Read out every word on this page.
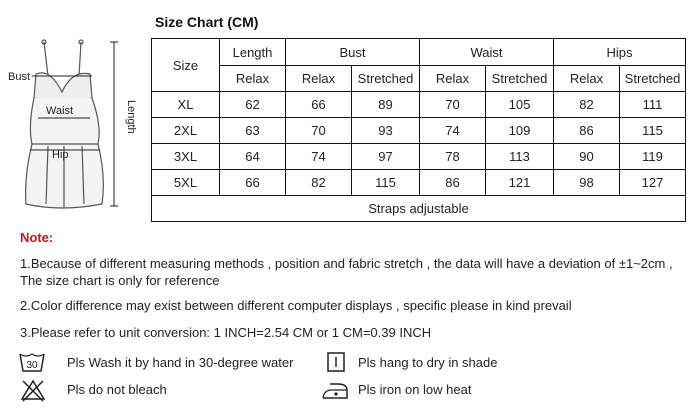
Bust
Waist
Hip
Length
Size Chart (CM)
Size	Length	Bust		Waist		Hips	
	Relax	Relax	Stretched	Relax	Stretched	Relax	Stretched
XL	62	66	89	70	105	82	111
2XL	63	70	93	74	109	86	115
3XL	64	74	97	78	113	90	119
5XL	66	82	115	86	121	98	127
Straps adjustable							
Note:
1.Because of different measuring methods , position and fabric stretch , the data will have a deviation of ±1~2cm ,
The size chart is only for reference
2.Color difference may exist between different computer displays , specific please in kind prevail
3.Please refer to unit conversion: 1 INCH=2.54 CM or 1 CM=0.39 INCH
30 Pls Wash it by hand in 30-degree water	Pls hang to dry in shade
Pls do not bleach	Pls iron on low heat
